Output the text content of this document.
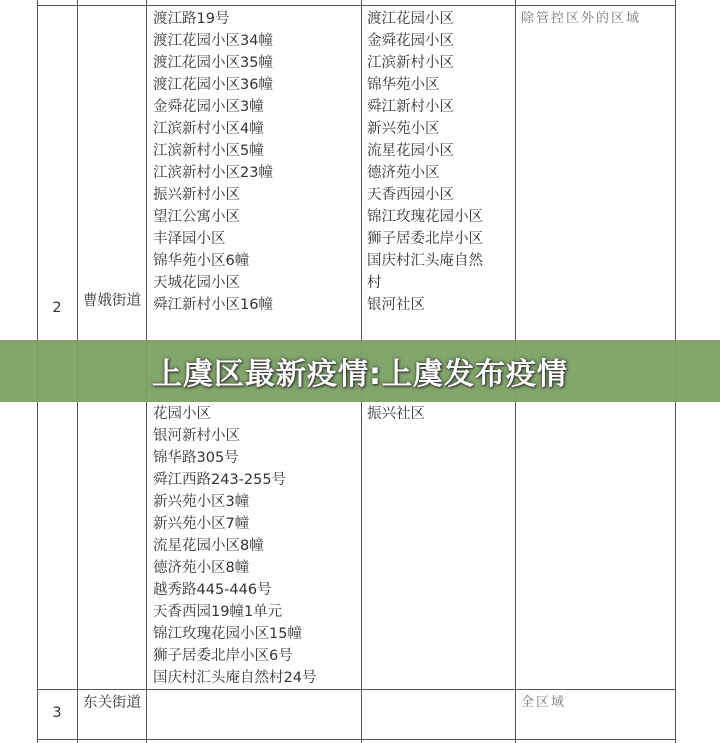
2	曹娥街道
渡江路19号
渡江花园小区34幢
渡江花园小区35幢
渡江花园小区36幢
金舜花园小区3幢
江滨新村小区4幢
江滨新村小区5幢
江滨新村小区23幢
振兴新村小区
望江公寓小区
丰泽园小区
锦华苑小区6幢
天城花园小区
舜江新村小区16幢
花园小区
银河新村小区
锦华路305号
舜江西路243-255号
新兴苑小区3幢
新兴苑小区7幢
流星花园小区8幢
德济苑小区8幢
越秀路445-446号
天香西园19幢1单元
锦江玫瑰花园小区15幢
狮子居委北岸小区6号
国庆村汇头庵自然村24号
渡江花园小区
金舜花园小区
江滨新村小区
锦华苑小区
舜江新村小区
新兴苑小区
流星花园小区
德济苑小区
天香西园小区
锦江玫瑰花园小区
狮子居委北岸小区
国庆村汇头庵自然
村
银河社区
振兴社区
除管控区外的区域
3
东关街道	全区域
上虞区最新疫情:上虞发布疫情
